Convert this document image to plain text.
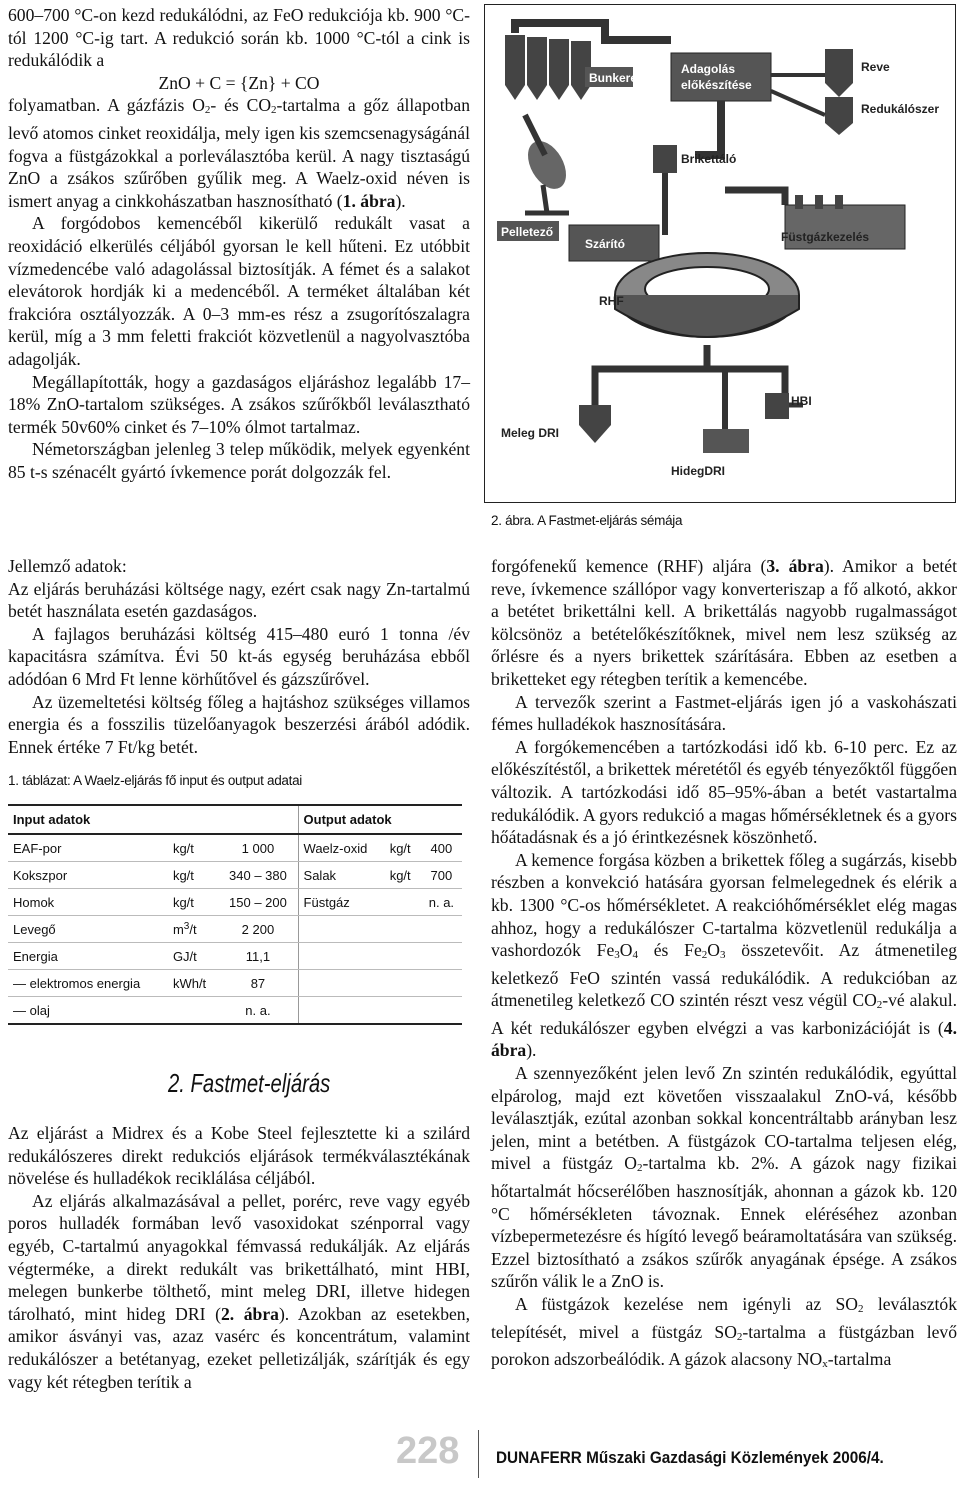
600–700 °C-on kezd redukálódni, az FeO redukciója kb. 900 °C-tól 1200 °C-ig tart. A redukció során kb. 1000 °C-tól a cink is redukálódik a

ZnO + C = {Zn} + CO

folyamatban. A gázfázis O2- és CO2-tartalma a gőz állapotban levő atomos cinket reoxidálja, mely igen kis szemcsenagyságánál fogva a füstgázokkal a porleválasztóba kerül. A nagy tisztaságú ZnO a zsákos szűrőben gyűlik meg. A Waelz-oxid néven is ismert anyag a cinkkohászatban hasznosítható (1. ábra).

A forgódobos kemencéből kikerülő redukált vasat a reoxidáció elkerülés céljából gyorsan le kell hűteni. Ez utóbbit vízmedencébe való adagolással biztosítják. A fémet és a salakot elevátorok hordják ki a medencéből. A terméket általában két frakcióra osztályozzák. A 0–3 mm-es rész a zsugorítószalagra kerül, míg a 3 mm feletti frakciót közvetlenül a nagyolvasztóba adagolják.

Megállapították, hogy a gazdaságos eljáráshoz legalább 17–18% ZnO-tartalom szükséges. A zsákos szűrőkből leválasztható termék 50v60% cinket és 7–10% ólmot tartalmaz.

Németországban jelenleg 3 telep működik, melyek egyenként 85 t-s szénacélt gyártó ívkemence porát dolgozzák fel.

Bunkerek
Adagolás
előkészítése
Reve
Redukálószer
Brikettáló
Pelletező
Szárító	Füstgázkezelés
RHF
Meleg DRI
HBI
HidegDRI
2. ábra. A Fastmet-eljárás sémája

Jellemző adatok:

Az eljárás beruházási költsége nagy, ezért csak nagy Zn-tartalmú betét használata esetén gazdaságos.

A fajlagos beruházási költség 415–480 euró 1 tonna /év kapacitásra számítva. Évi 50 kt-ás egység beruházása ebből adódóan 6 Mrd Ft lenne körhűtővel és gázszűrővel.

Az üzemeltetési költség főleg a hajtáshoz szükséges villamos energia és a fosszilis tüzelőanyagok beszerzési árából adódik. Ennek értéke 7 Ft/kg betét.

1. táblázat: A Waelz-eljárás fő input és output adatai
Input adatok			Output adatok		
EAF-por	kg/t	1 000	Waelz-oxid	kg/t	400
Kokszpor	kg/t	340 – 380	Salak	kg/t	700
Homok	kg/t	150 – 200	Füstgáz		n. a.
Levegő	$m^3/t$	2 200			
Energia	GJ/t	11,1			
— elektromos energia	kWh/t	87			
— olaj		n. a.			
2. Fastmet-eljárás

Az eljárást a Midrex és a Kobe Steel fejlesztette ki a szilárd redukálószeres direkt redukciós eljárások termékválasztékának növelése és hulladékok reciklálása céljából.

Az eljárás alkalmazásával a pellet, porérc, reve vagy egyéb poros hulladék formában levő vasoxidokat szénporral vagy egyéb, C-tartalmú anyagokkal fémvassá redukálják. Az eljárás végterméke, a direkt redukált vas brikettálható, mint HBI, melegen bunkerbe tölthető, mint meleg DRI, illetve hidegen tárolható, mint hideg DRI (2. ábra). Azokban az esetekben, amikor ásványi vas, azaz vasérc és koncentrátum, valamint redukálószer a betétanyag, ezeket pelletizálják, szárítják és egy vagy két rétegben terítik a

forgófenekű kemence (RHF) aljára (3. ábra). Amikor a betét reve, ívkemence szállópor vagy konverteriszap a fő alkotó, akkor a betétet brikettálni kell. A brikettálás nagyobb rugalmasságot kölcsönöz a betételőkészítőknek, mivel nem lesz szükség az őrlésre és a nyers brikettek szárítására. Ebben az esetben a briketteket egy rétegben terítik a kemencébe.

A tervezők szerint a Fastmet-eljárás igen jó a vaskohászati fémes hulladékok hasznosítására.

A forgókemencében a tartózkodási idő kb. 6-10 perc. Ez az előkészítéstől, a brikettek méretétől és egyéb tényezőktől függően változik. A tartózkodási idő 85–95%-ában a betét vastartalma redukálódik. A gyors redukció a magas hőmérsékletnek és a gyors hőátadásnak és a jó érintkezésnek köszönhető.

A kemence forgása közben a brikettek főleg a sugárzás, kisebb részben a konvekció hatására gyorsan felmelegednek és elérik a kb. 1300 °C-os hőmérsékletet. A reakcióhőmérséklet elég magas ahhoz, hogy a redukálószer C-tartalma közvetlenül redukálja a vashordozók Fe3O4 és Fe2O3 összetevőit. Az átmenetileg keletkező FeO szintén vassá redukálódik. A redukcióban az átmenetileg keletkező CO szintén részt vesz végül CO2-vé alakul. A két redukálószer egyben elvégzi a vas karbonizációját is (4. ábra).

A szennyezőként jelen levő Zn szintén redukálódik, egyúttal elpárolog, majd ezt követően visszaalakul ZnO-vá, később leválasztják, ezútal azonban sokkal koncentráltabb arányban lesz jelen, mint a betétben. A füstgázok CO-tartalma teljesen elég, mivel a füstgáz O2-tartalma kb. 2%. A gázok nagy fizikai hőtartalmát hőcserélőben hasznosítják, ahonnan a gázok kb. 120 °C hőmérsékleten távoznak. Ennek eléréséhez azonban vízbepermetezésre és hígító levegő beáramoltatására van szükség. Ezzel biztosítható a zsákos szűrők anyagának épsége. A zsákos szűrőn válik le a ZnO is.

A füstgázok kezelése nem igényli az SO2 leválasztók telepítését, mivel a füstgáz SO2-tartalma a füstgázban levő porokon adszorbeálódik. A gázok alacsony NOx-tartalma

228 DUNAFERR Műszaki Gazdasági Közlemények 2006/4.
